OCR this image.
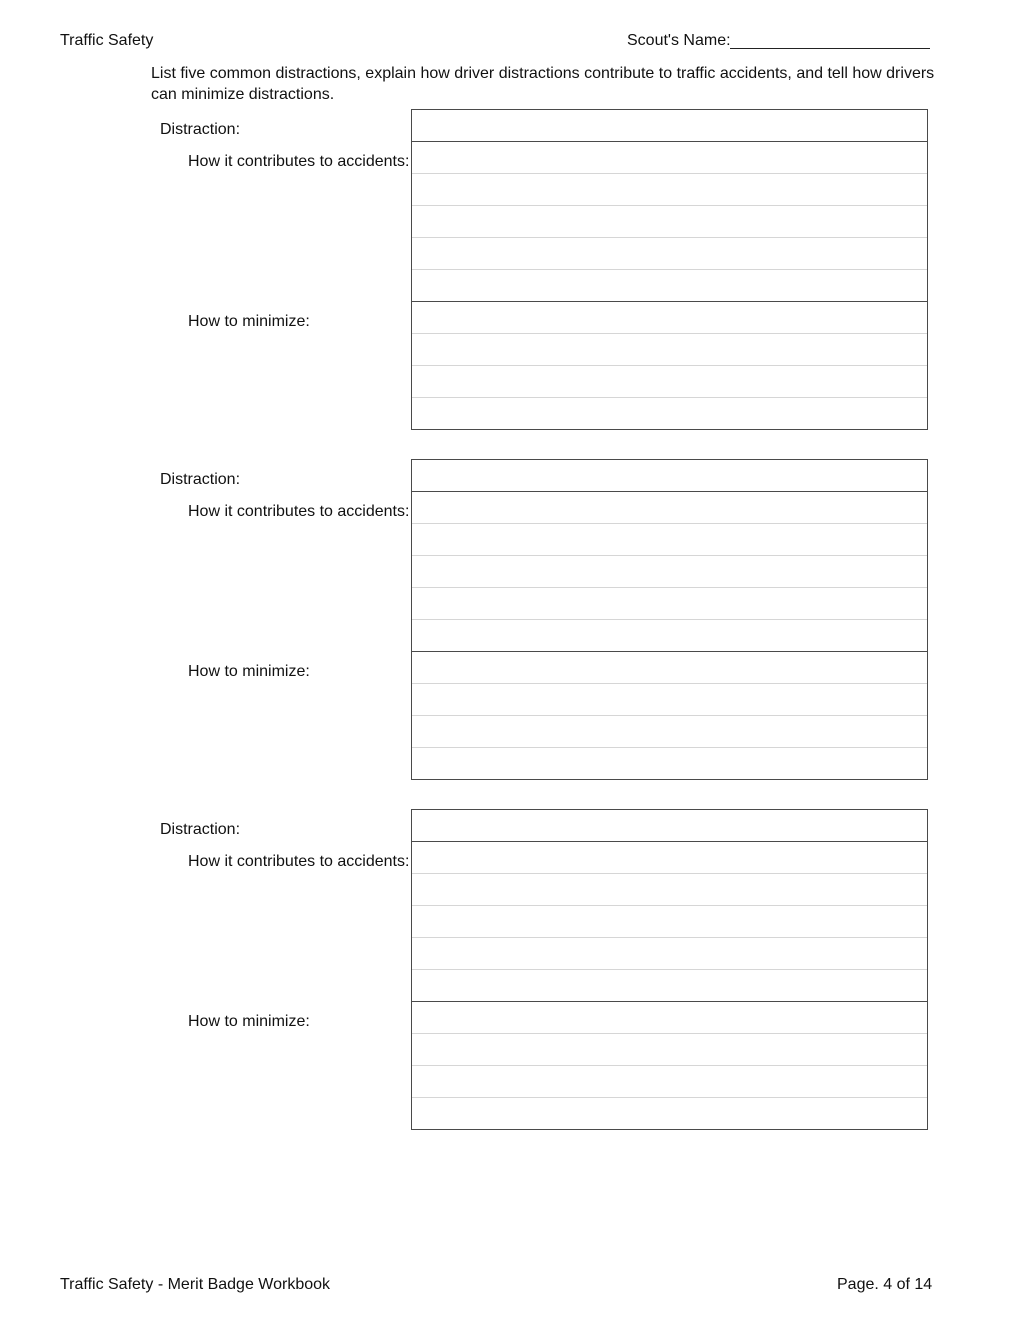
Traffic Safety	Scout's Name:
List five common distractions, explain how driver distractions contribute to traffic accidents, and tell how drivers can minimize distractions.
Distraction:
How it contributes to accidents:
How to minimize:
Distraction:
How it contributes to accidents:
How to minimize:
Distraction:
How it contributes to accidents:
How to minimize:
Traffic Safety - Merit Badge Workbook	Page. 4 of 14
